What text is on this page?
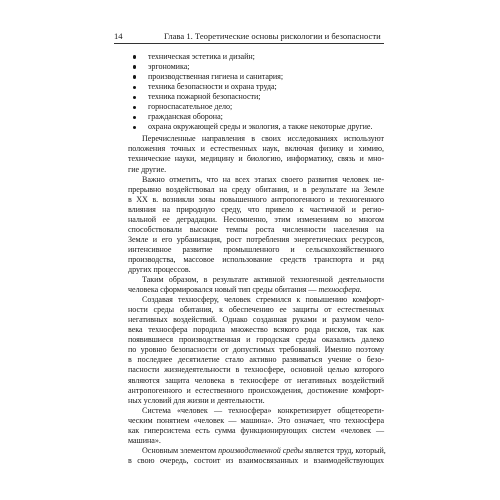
14	Глава 1. Теоретические основы рискологии и безопасности
техническая эстетика и дизайн;
эргономика;
производственная гигиена и санитария;
техника безопасности и охрана труда;
техника пожарной безопасности;
горноспасательное дело;
гражданская оборона;
охрана окружающей среды и экология, а также некоторые другие.
Перечисленные направления в своих исследованиях используют
положения точных и естественных наук, включая физику и химию,
технические науки, медицину и биологию, информатику, связь и мно-
гие другие.
Важно отметить, что на всех этапах своего развития человек не-
прерывно воздействовал на среду обитания, и в результате на Земле
в XX в. возникли зоны повышенного антропогенного и техногенного
влияния на природную среду, что привело к частичной и регио-
нальной ее деградации. Несомненно, этим изменениям во многом
способствовали высокие темпы роста численности населения на
Земле и его урбанизация, рост потребления энергетических ресурсов,
интенсивное развитие промышленного и сельскохозяйственного
производства, массовое использование средств транспорта и ряд
других процессов.
Таким образом, в результате активной техногенной деятельности
человека сформировался новый тип среды обитания — техносфера.
Создавая техносферу, человек стремился к повышению комфорт-
ности среды обитания, к обеспечению ее защиты от естественных
негативных воздействий. Однако созданная руками и разумом чело-
века техносфера породила множество всякого рода рисков, так как
появившиеся производственная и городская среды оказались далеко
по уровню безопасности от допустимых требований. Именно поэтому
в последнее десятилетие стало активно развиваться учение о безо-
пасности жизнедеятельности в техносфере, основной целью которого
являются защита человека в техносфере от негативных воздействий
антропогенного и естественного происхождения, достижение комфорт-
ных условий для жизни и деятельности.
Система «человек — техносфера» конкретизирует общетеорети-
ческим понятием «человек — машина». Это означает, что техносфера
как гиперсистема есть сумма функционирующих систем «человек —
машина».
Основным элементом производственной среды является труд, который,
в свою очередь, состоит из взаимосвязанных и взаимодействующих
